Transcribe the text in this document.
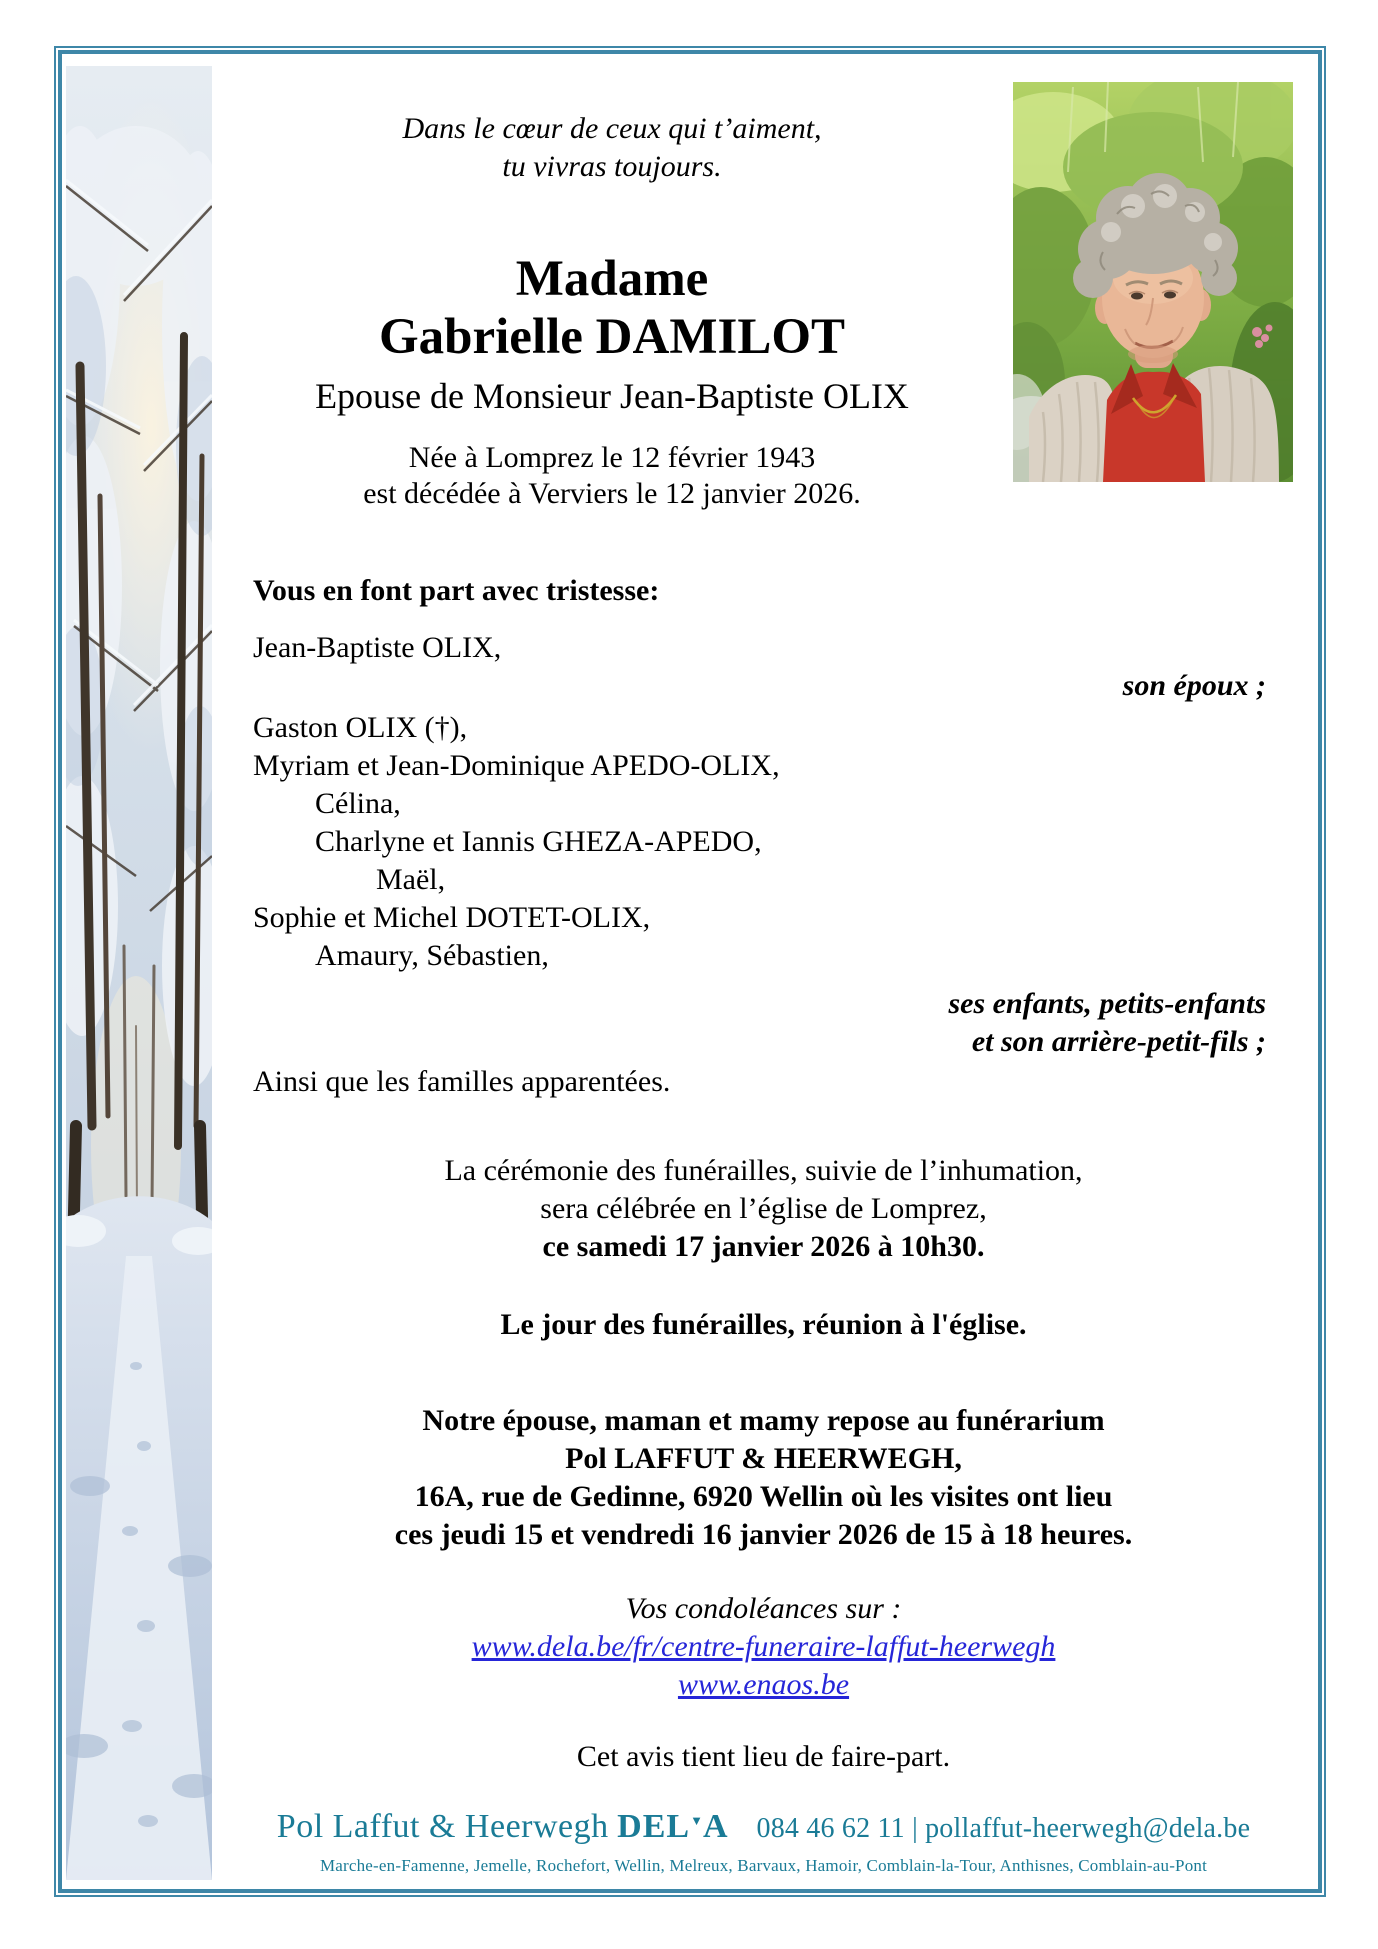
Dans le cœur de ceux qui t’aiment,
tu vivras toujours.
Madame
Gabrielle DAMILOT
Epouse de Monsieur Jean-Baptiste OLIX
Née à Lomprez le 12 février 1943
est décédée à Verviers le 12 janvier 2026.
Vous en font part avec tristesse:
Jean-Baptiste OLIX,
son époux ;
Gaston OLIX (†),
Myriam et Jean-Dominique APEDO-OLIX,
Célina,
Charlyne et Iannis GHEZA-APEDO,
Maël,
Sophie et Michel DOTET-OLIX,
Amaury, Sébastien,
ses enfants, petits-enfants
et son arrière-petit-fils ;
Ainsi que les familles apparentées.
La cérémonie des funérailles, suivie de l’inhumation,
sera célébrée en l’église de Lomprez,
ce samedi 17 janvier 2026 à 10h30.
Le jour des funérailles, réunion à l'église.
Notre épouse, maman et mamy repose au funérarium
Pol LAFFUT & HEERWEGH,
16A, rue de Gedinne, 6920 Wellin où les visites ont lieu
ces jeudi 15 et vendredi 16 janvier 2026 de 15 à 18 heures.
Vos condoléances sur :
www.dela.be/fr/centre-funeraire-laffut-heerwegh
www.enaos.be
Cet avis tient lieu de faire-part.
Pol Laffut & Heerwegh DEL▼A 084 46 62 11 | pollaffut-heerwegh@dela.be
Marche-en-Famenne, Jemelle, Rochefort, Wellin, Melreux, Barvaux, Hamoir, Comblain-la-Tour, Anthisnes, Comblain-au-Pont
